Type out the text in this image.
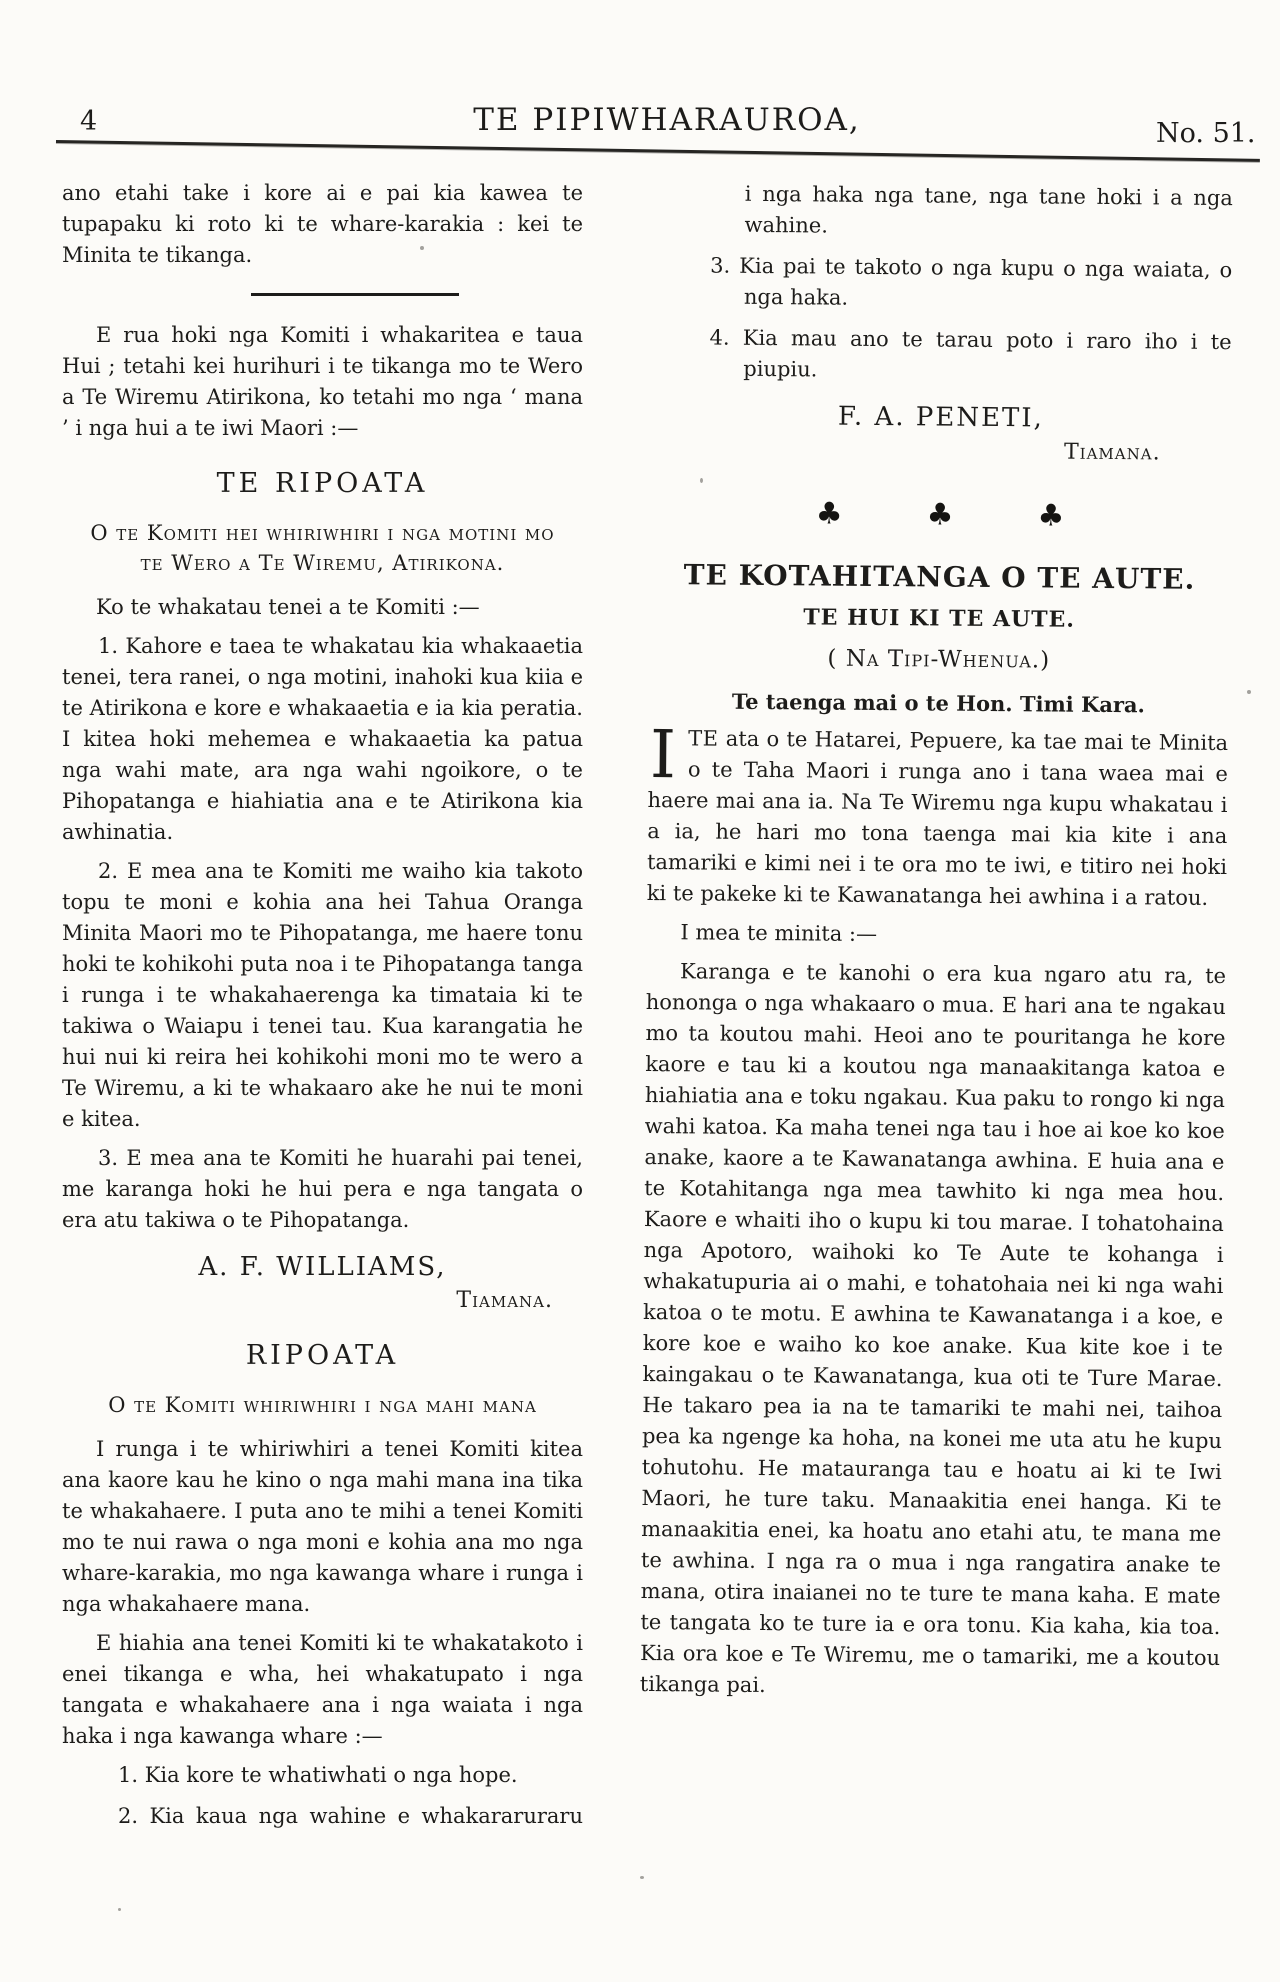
4	TE PIPIWHARAUROA,	No. 51.

ano etahi take i kore ai e pai kia kawea te tupapaku ki roto ki te whare-karakia : kei te Minita te tikanga.

E rua hoki nga Komiti i whakaritea e taua Hui ; tetahi kei hurihuri i te tikanga mo te Wero a Te Wiremu Atirikona, ko tetahi mo nga ‘ mana ’ i nga hui a te iwi Maori :—

TE RIPOATA

O te Komiti hei whiriwhiri i nga motini mo
te Wero a Te Wiremu, Atirikona.

Ko te whakatau tenei a te Komiti :—

1. Kahore e taea te whakatau kia whakaaetia tenei, tera ranei, o nga motini, inahoki kua kiia e te Atirikona e kore e whakaaetia e ia kia peratia. I kitea hoki mehemea e whakaaetia ka patua nga wahi mate, ara nga wahi ngoikore, o te Pihopatanga e hiahiatia ana e te Atirikona kia awhinatia.

2. E mea ana te Komiti me waiho kia takoto topu te moni e kohia ana hei Tahua Oranga Minita Maori mo te Pihopatanga, me haere tonu hoki te kohikohi puta noa i te Pihopatanga tanga i runga i te whakahaerenga ka timataia ki te takiwa o Waiapu i tenei tau. Kua karangatia he hui nui ki reira hei kohikohi moni mo te wero a Te Wiremu, a ki te whakaaro ake he nui te moni e kitea.

3. E mea ana te Komiti he huarahi pai tenei, me karanga hoki he hui pera e nga tangata o era atu takiwa o te Pihopatanga.

A. F. WILLIAMS,

Tiamana.

RIPOATA

O te Komiti whiriwhiri i nga mahi mana

I runga i te whiriwhiri a tenei Komiti kitea ana kaore kau he kino o nga mahi mana ina tika te whakahaere. I puta ano te mihi a tenei Komiti mo te nui rawa o nga moni e kohia ana mo nga whare-karakia, mo nga kawanga whare i runga i nga whakahaere mana.

E hiahia ana tenei Komiti ki te whakatakoto i enei tikanga e wha, hei whakatupato i nga tangata e whakahaere ana i nga waiata i nga haka i nga kawanga whare :—

1. Kia kore te whatiwhati o nga hope.

2. Kia kaua nga wahine e whakararuraru

i nga haka nga tane, nga tane hoki i a nga wahine.

3. Kia pai te takoto o nga kupu o nga waiata, o nga haka.

4. Kia mau ano te tarau poto i raro iho i te piupiu.

F. A. PENETI,

Tiamana.

♣	♣	♣
TE KOTAHITANGA O TE AUTE.
TE HUI KI TE AUTE.

( Na Tipi-Whenua.)

Te taenga mai o te Hon. Timi Kara.

ITE ata o te Hatarei, Pepuere, ka tae mai te Minita o te Taha Maori i runga ano i tana waea mai e haere mai ana ia. Na Te Wiremu nga kupu whakatau i a ia, he hari mo tona taenga mai kia kite i ana tamariki e kimi nei i te ora mo te iwi, e titiro nei hoki ki te pakeke ki te Kawanatanga hei awhina i a ratou.

I mea te minita :—

Karanga e te kanohi o era kua ngaro atu ra, te hononga o nga whakaaro o mua. E hari ana te ngakau mo ta koutou mahi. Heoi ano te pouritanga he kore kaore e tau ki a koutou nga manaakitanga katoa e hiahiatia ana e toku ngakau. Kua paku to rongo ki nga wahi katoa. Ka maha tenei nga tau i hoe ai koe ko koe anake, kaore a te Kawanatanga awhina. E huia ana e te Kotahitanga nga mea tawhito ki nga mea hou. Kaore e whaiti iho o kupu ki tou marae. I tohatohaina nga Apotoro, waihoki ko Te Aute te kohanga i whakatupuria ai o mahi, e tohatohaia nei ki nga wahi katoa o te motu. E awhina te Kawanatanga i a koe, e kore koe e waiho ko koe anake. Kua kite koe i te kaingakau o te Kawanatanga, kua oti te Ture Marae. He takaro pea ia na te tamariki te mahi nei, taihoa pea ka ngenge ka hoha, na konei me uta atu he kupu tohutohu. He matauranga tau e hoatu ai ki te Iwi Maori, he ture taku. Manaakitia enei hanga. Ki te manaakitia enei, ka hoatu ano etahi atu, te mana me te awhina. I nga ra o mua i nga rangatira anake te mana, otira inaianei no te ture te mana kaha. E mate te tangata ko te ture ia e ora tonu. Kia kaha, kia toa. Kia ora koe e Te Wiremu, me o tamariki, me a koutou tikanga pai.
